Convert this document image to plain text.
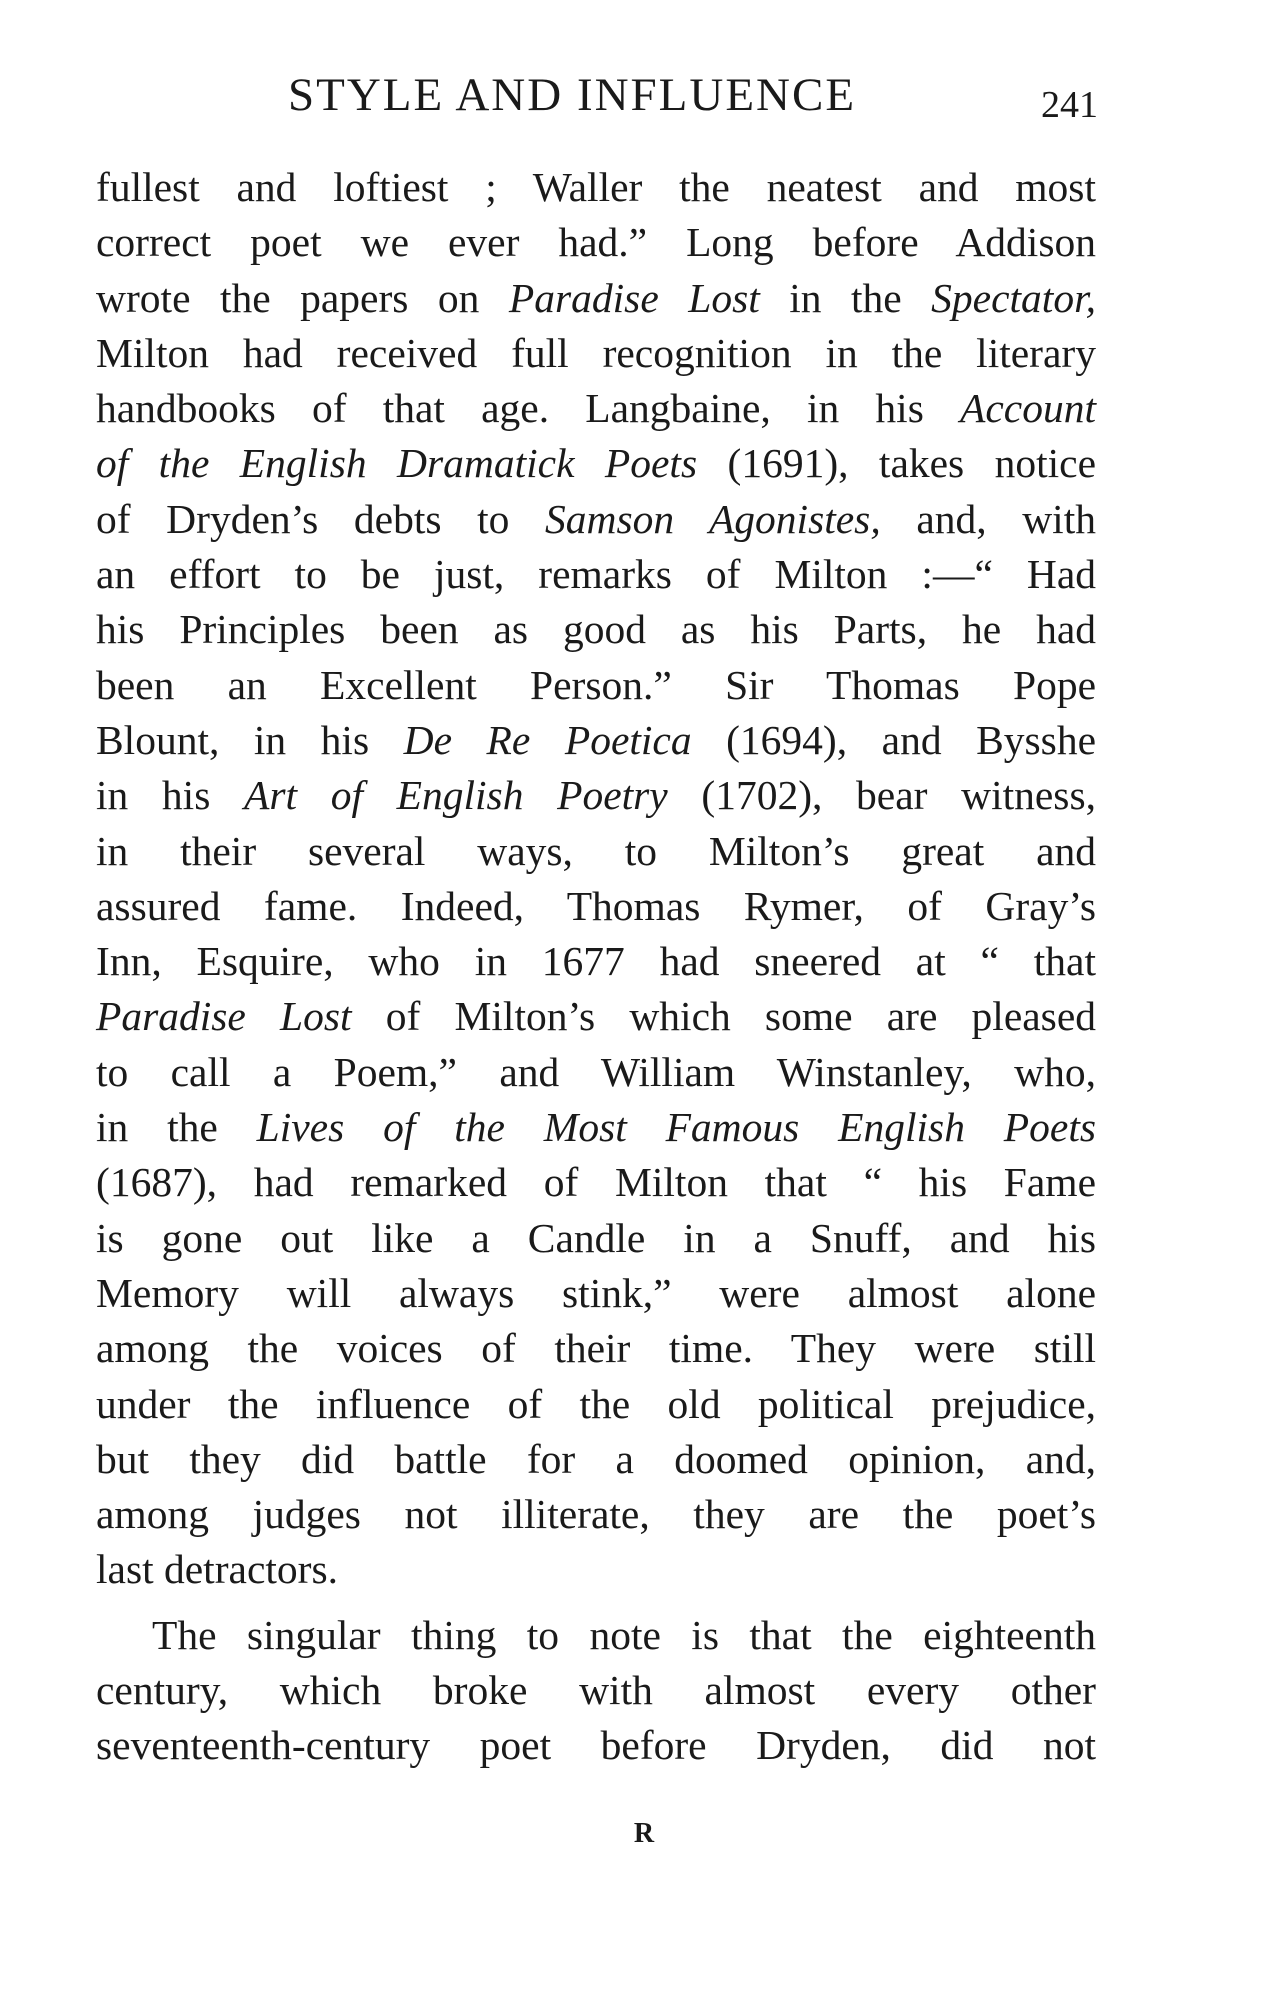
STYLE AND INFLUENCE	241

fullest and loftiest ; Waller the neatest and most
correct poet we ever had.” Long before Addison
wrote the papers on Paradise Lost in the Spectator,
Milton had received full recognition in the literary
handbooks of that age. Langbaine, in his Account
of the English Dramatick Poets (1691), takes notice
of Dryden’s debts to Samson Agonistes, and, with
an effort to be just, remarks of Milton :—“ Had
his Principles been as good as his Parts, he had
been an Excellent Person.” Sir Thomas Pope
Blount, in his De Re Poetica (1694), and Bysshe
in his Art of English Poetry (1702), bear witness,
in their several ways, to Milton’s great and
assured fame. Indeed, Thomas Rymer, of Gray’s
Inn, Esquire, who in 1677 had sneered at “ that
Paradise Lost of Milton’s which some are pleased
to call a Poem,” and William Winstanley, who,
in the Lives of the Most Famous English Poets
(1687), had remarked of Milton that “ his Fame
is gone out like a Candle in a Snuff, and his
Memory will always stink,” were almost alone
among the voices of their time. They were still
under the influence of the old political prejudice,
but they did battle for a doomed opinion, and,
among judges not illiterate, they are the poet’s
last detractors.

The singular thing to note is that the eighteenth
century, which broke with almost every other
seventeenth-century poet before Dryden, did not

R
